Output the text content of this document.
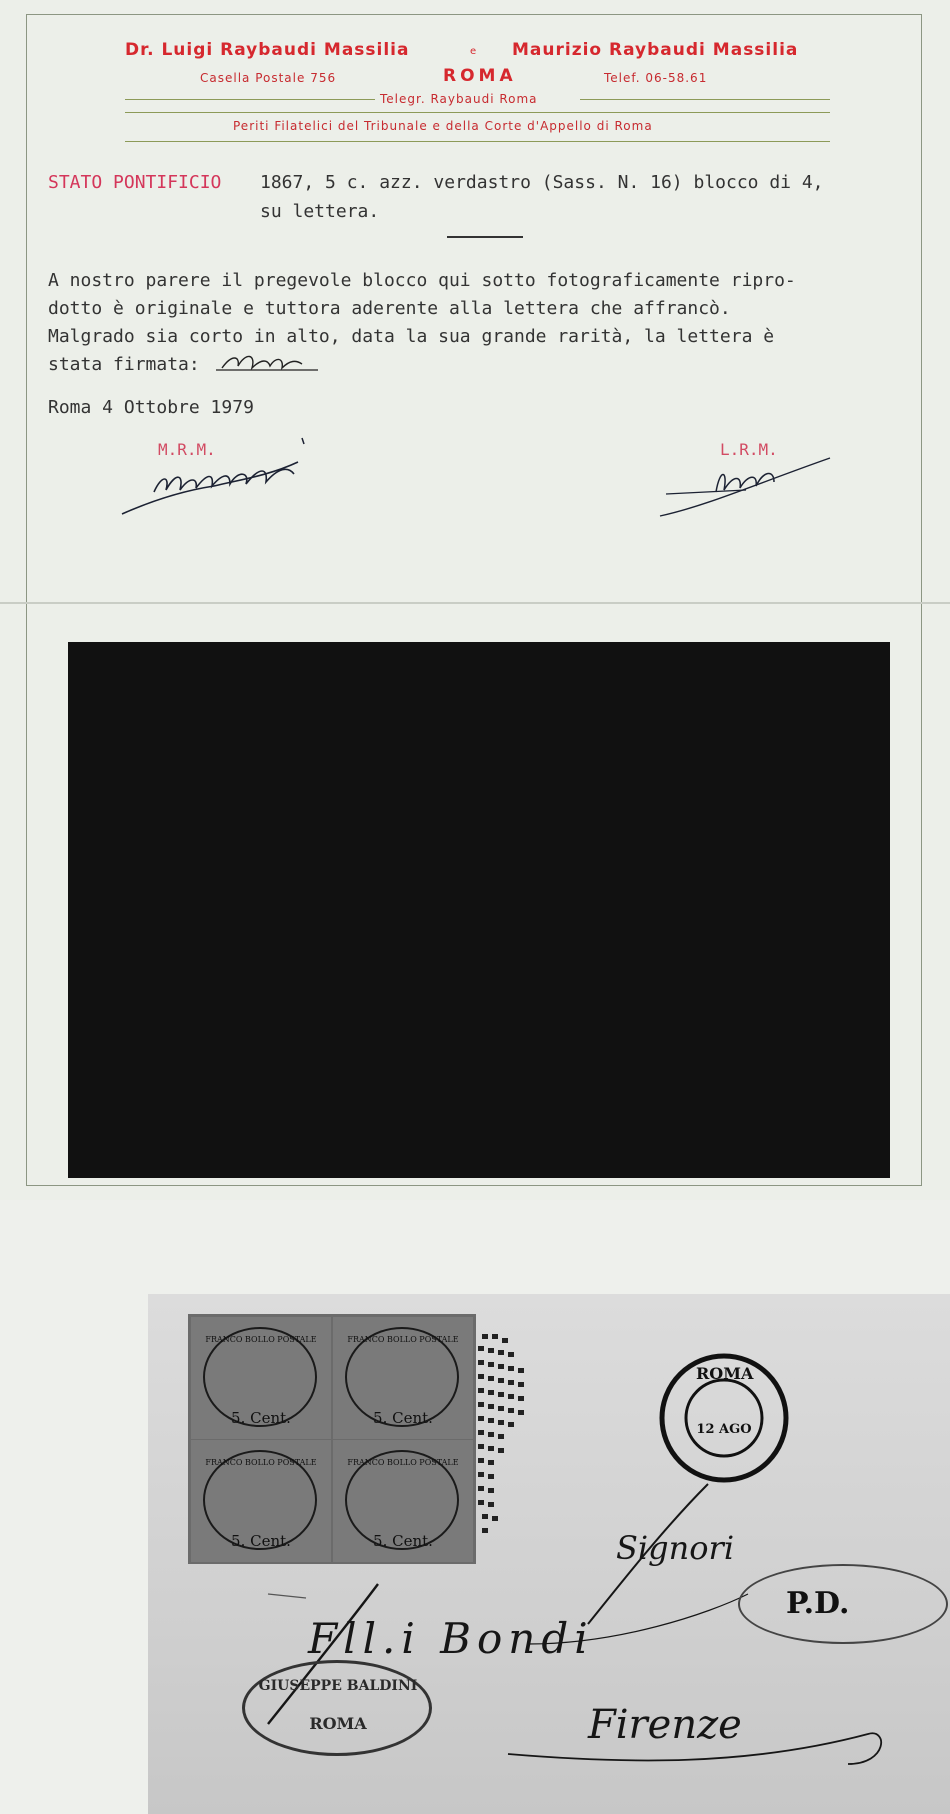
Dr. Luigi Raybaudi Massilia	e Maurizio Raybaudi Massilia
Casella Postale 756	ROMA	Telef. 06-58.61
Telegr. Raybaudi Roma
Periti Filatelici del Tribunale e della Corte d'Appello di Roma
STATO PONTIFICIO 1867, 5 c. azz. verdastro (Sass. N. 16) blocco di 4,
su lettera.
A nostro parere il pregevole blocco qui sotto fotograficamente ripro-
dotto è originale e tuttora aderente alla lettera che affrancò.
Malgrado sia corto in alto, data la sua grande rarità, la lettera è
stata firmata:
Roma 4 Ottobre 1979
M.R.M.	L.R.M.
FRANCO BOLLO POSTALE
5. Cent.
FRANCO BOLLO POSTALE
5. Cent.
FRANCO BOLLO POSTALE
5. Cent.
FRANCO BOLLO POSTALE
5. Cent.
ROMA
12 AGO
Signori
Fll.i Bondi
Firenze
P.D.
GIUSEPPE BALDINI
ROMA
